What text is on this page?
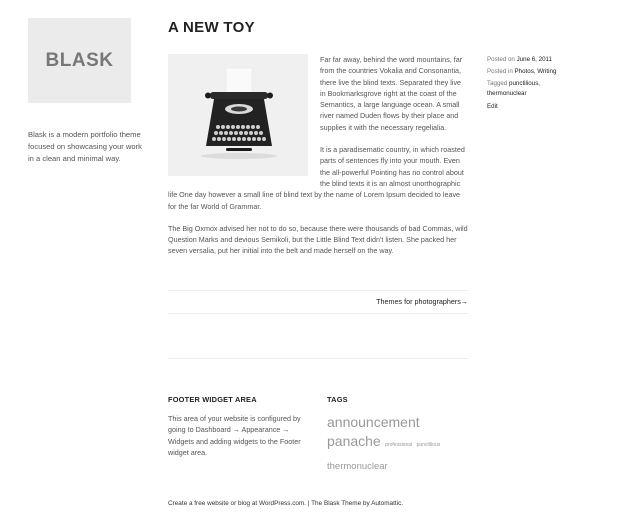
BLASK
Blask is a modern portfolio theme focused on showcasing your work in a clean and minimal way.
A NEW TOY

Far far away, behind the word mountains, far from the countries Vokalia and Consonantia, there live the blind texts. Separated they live in Bookmarksgrove right at the coast of the Semantics, a large language ocean. A small river named Duden flows by their place and supplies it with the necessary regelialia.

It is a paradisematic country, in which roasted parts of sentences fly into your mouth. Even the all-powerful Pointing has no control about the blind texts it is an almost unorthographic life One day however a small line of blind text by the name of Lorem Ipsum decided to leave for the far World of Grammar.

The Big Oxmox advised her not to do so, because there were thousands of bad Commas, wild Question Marks and devious Semikoli, but the Little Blind Text didn't listen. She packed her seven versalia, put her initial into the belt and made herself on the way.

Posted on June 6, 2011
Posted in Photos, Writing
Tagged punctilious,
thermonuclear
Edit
Themes for photographers→
FOOTER WIDGET AREA
This area of your website is configured by going to Dashboard → Appearance → Widgets and adding widgets to the Footer widget area.
TAGS
announcement
panache professional punctilious
thermonuclear
Create a free website or blog at WordPress.com. | The Blask Theme by Automattic.
